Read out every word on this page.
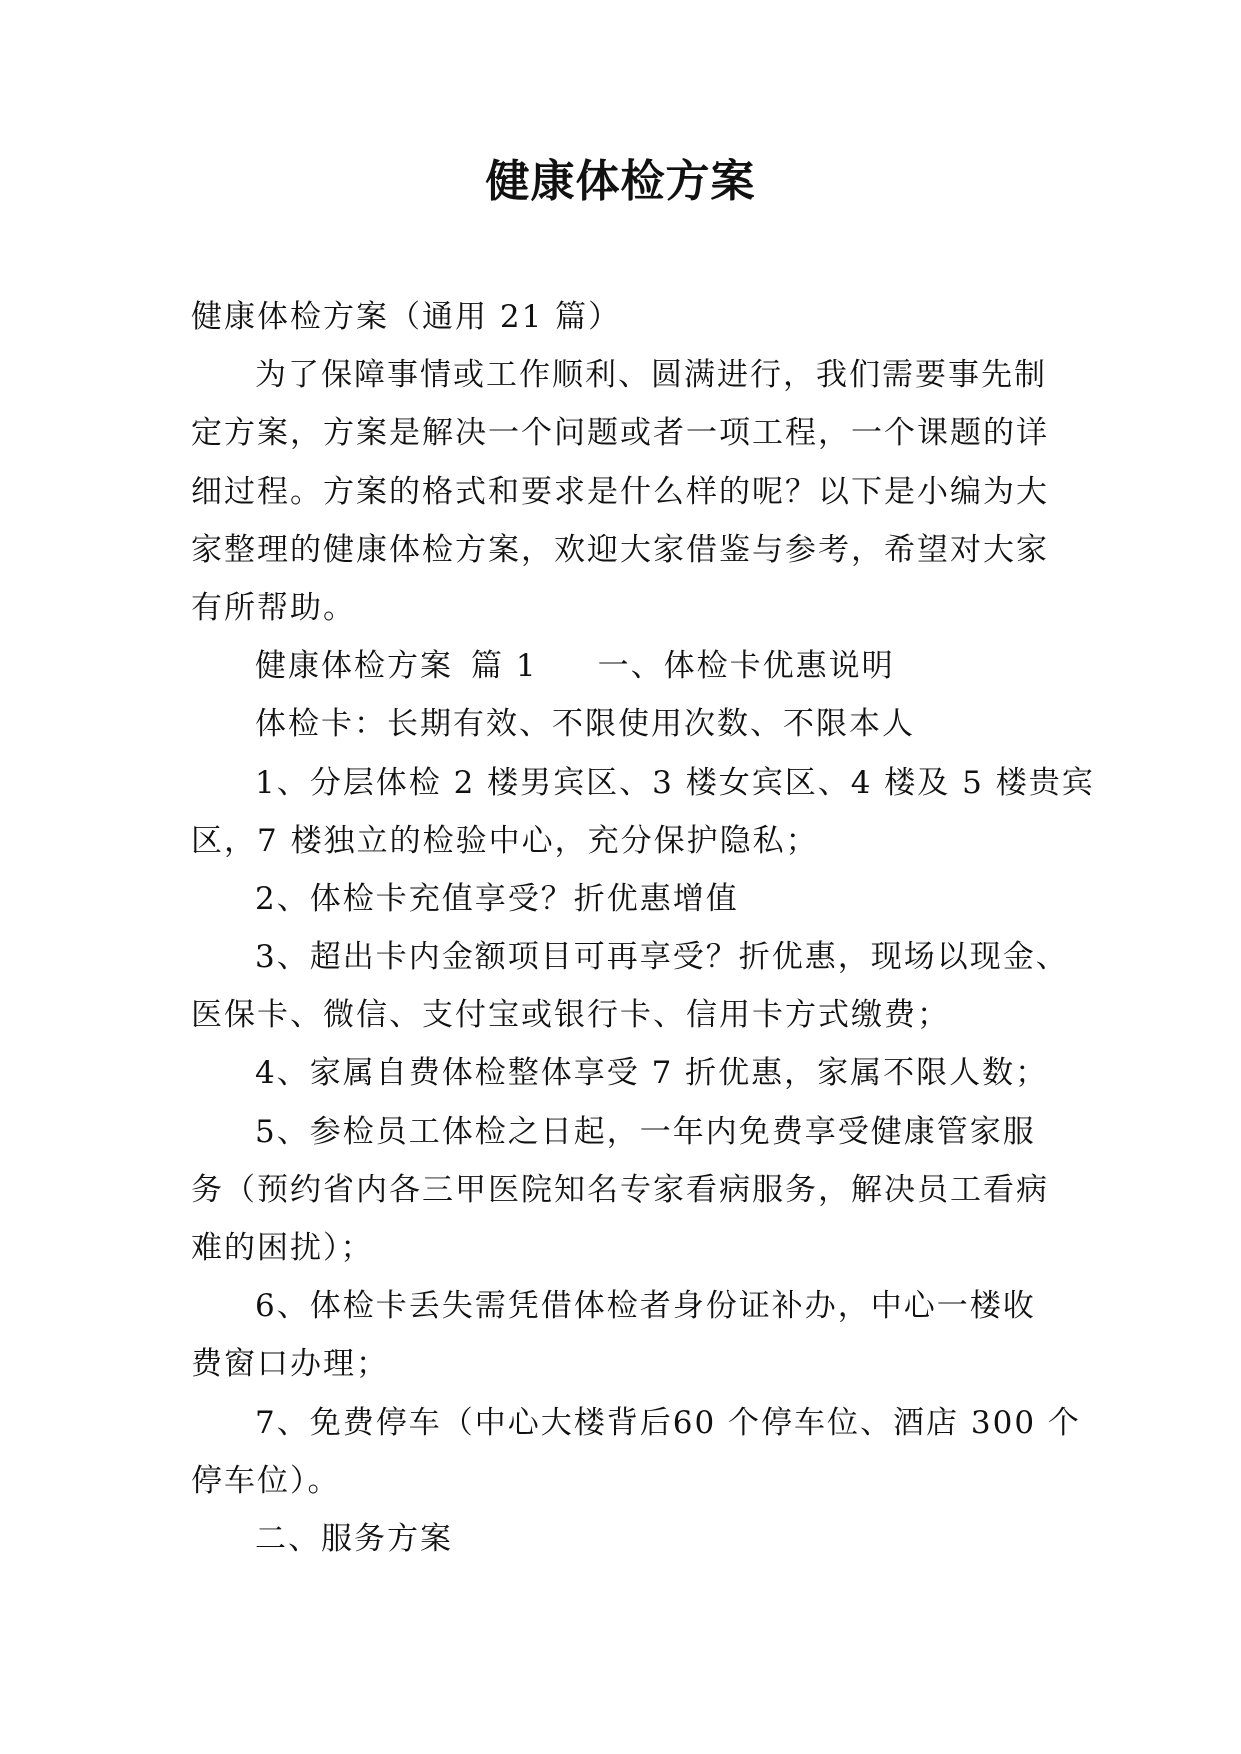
健康体检方案
健康体检方案（通用 21 篇）
为了保障事情或工作顺利、圆满进行，我们需要事先制
定方案，方案是解决一个问题或者一项工程，一个课题的详
细过程。方案的格式和要求是什么样的呢？以下是小编为大
家整理的健康体检方案，欢迎大家借鉴与参考，希望对大家
有所帮助。
健康体检方案 篇 1 一、体检卡优惠说明
体检卡：长期有效、不限使用次数、不限本人
1、分层体检 2 楼男宾区、3 楼女宾区、4 楼及 5 楼贵宾
区，7 楼独立的检验中心，充分保护隐私；
2、体检卡充值享受？折优惠增值
3、超出卡内金额项目可再享受？折优惠，现场以现金、
医保卡、微信、支付宝或银行卡、信用卡方式缴费；
4、家属自费体检整体享受 7 折优惠，家属不限人数；
5、参检员工体检之日起，一年内免费享受健康管家服
务（预约省内各三甲医院知名专家看病服务，解决员工看病
难的困扰）；
6、体检卡丢失需凭借体检者身份证补办，中心一楼收
费窗口办理；
7、免费停车（中心大楼背后60 个停车位、酒店 300 个
停车位）。
二、服务方案
